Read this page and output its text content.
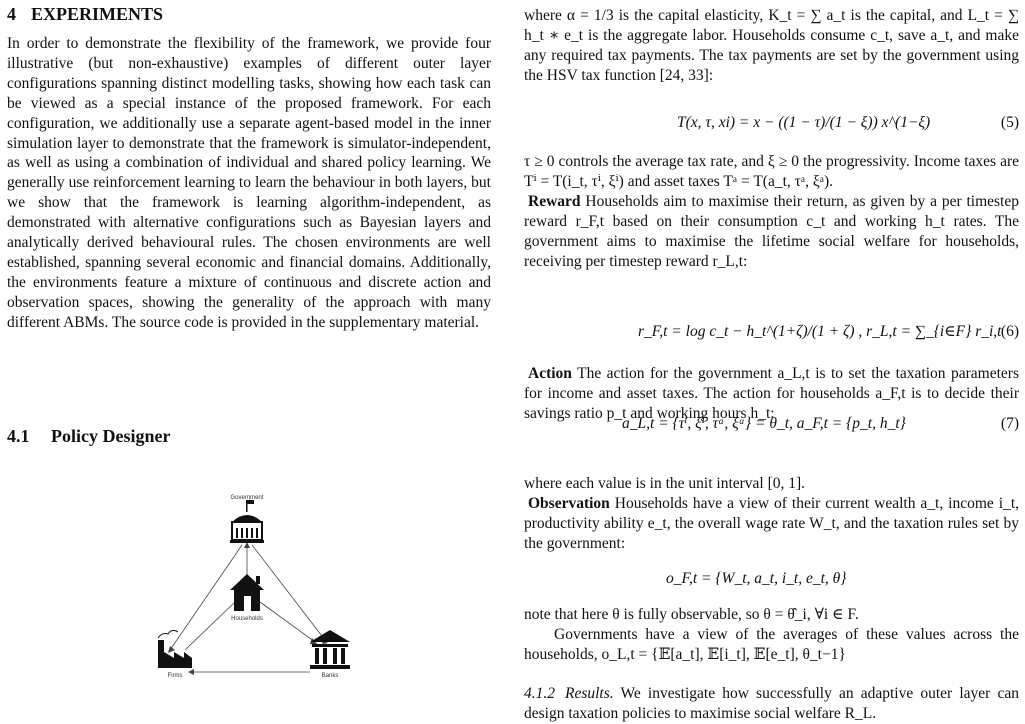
4 EXPERIMENTS

In order to demonstrate the flexibility of the framework, we provide four illustrative (but non-exhaustive) examples of different outer layer configurations spanning distinct modelling tasks, showing how each task can be viewed as a special instance of the proposed framework. For each configuration, we additionally use a separate agent-based model in the inner simulation layer to demonstrate that the framework is simulator-independent, as well as using a combination of individual and shared policy learning. We generally use reinforcement learning to learn the behaviour in both layers, but we show that the framework is learning algorithm-independent, as demonstrated with alternative configurations such as Bayesian layers and analytically derived behavioural rules. The chosen environments are well established, spanning several economic and financial domains. Additionally, the environments feature a mixture of continuous and discrete action and observation spaces, showing the generality of the approach with many different ABMs. The source code is provided in the supplementary material.

4.1 Policy Designer
Government
Households
Firms	Banks

where α = 1/3 is the capital elasticity, K_t = ∑ a_t is the capital, and L_t = ∑ h_t ∗ e_t is the aggregate labor. Households consume c_t, save a_t, and make any required tax payments. The tax payments are set by the government using the HSV tax function [24, 33]:

T(x, τ, xi) = x − ((1 − τ)/(1 − ξ)) x^(1−ξ)	(5)

τ ≥ 0 controls the average tax rate, and ξ ≥ 0 the progressivity. Income taxes are Tⁱ = T(i_t, τⁱ, ξⁱ) and asset taxes Tᵃ = T(a_t, τᵃ, ξᵃ).

Reward Households aim to maximise their return, as given by a per timestep reward r_F,t based on their consumption c_t and working h_t rates. The government aims to maximise the lifetime social welfare for households, receiving per timestep reward r_L,t:

r_F,t = log c_t − h_t^(1+ζ)/(1 + ζ) , r_L,t = ∑_{i∈F} r_i,t (6)

Action The action for the government a_L,t is to set the taxation parameters for income and asset taxes. The action for households a_F,t is to decide their savings ratio p_t and working hours h_t:

a_L,t = {τⁱ, ξⁱ, τᵃ, ξᵃ} = θ_t, a_F,t = {p_t, h_t}	(7)

where each value is in the unit interval [0, 1].

Observation Households have a view of their current wealth a_t, income i_t, productivity ability e_t, the overall wage rate W_t, and the taxation rules set by the government:

o_F,t = {W_t, a_t, i_t, e_t, θ}

note that here θ is fully observable, so θ = θ̂_i, ∀i ∈ F.

Governments have a view of the averages of these values across the households, o_L,t = {𝔼[a_t], 𝔼[i_t], 𝔼[e_t], θ_t−1}

4.1.2 Results. We investigate how successfully an adaptive outer layer can design taxation policies to maximise social welfare R_L.
